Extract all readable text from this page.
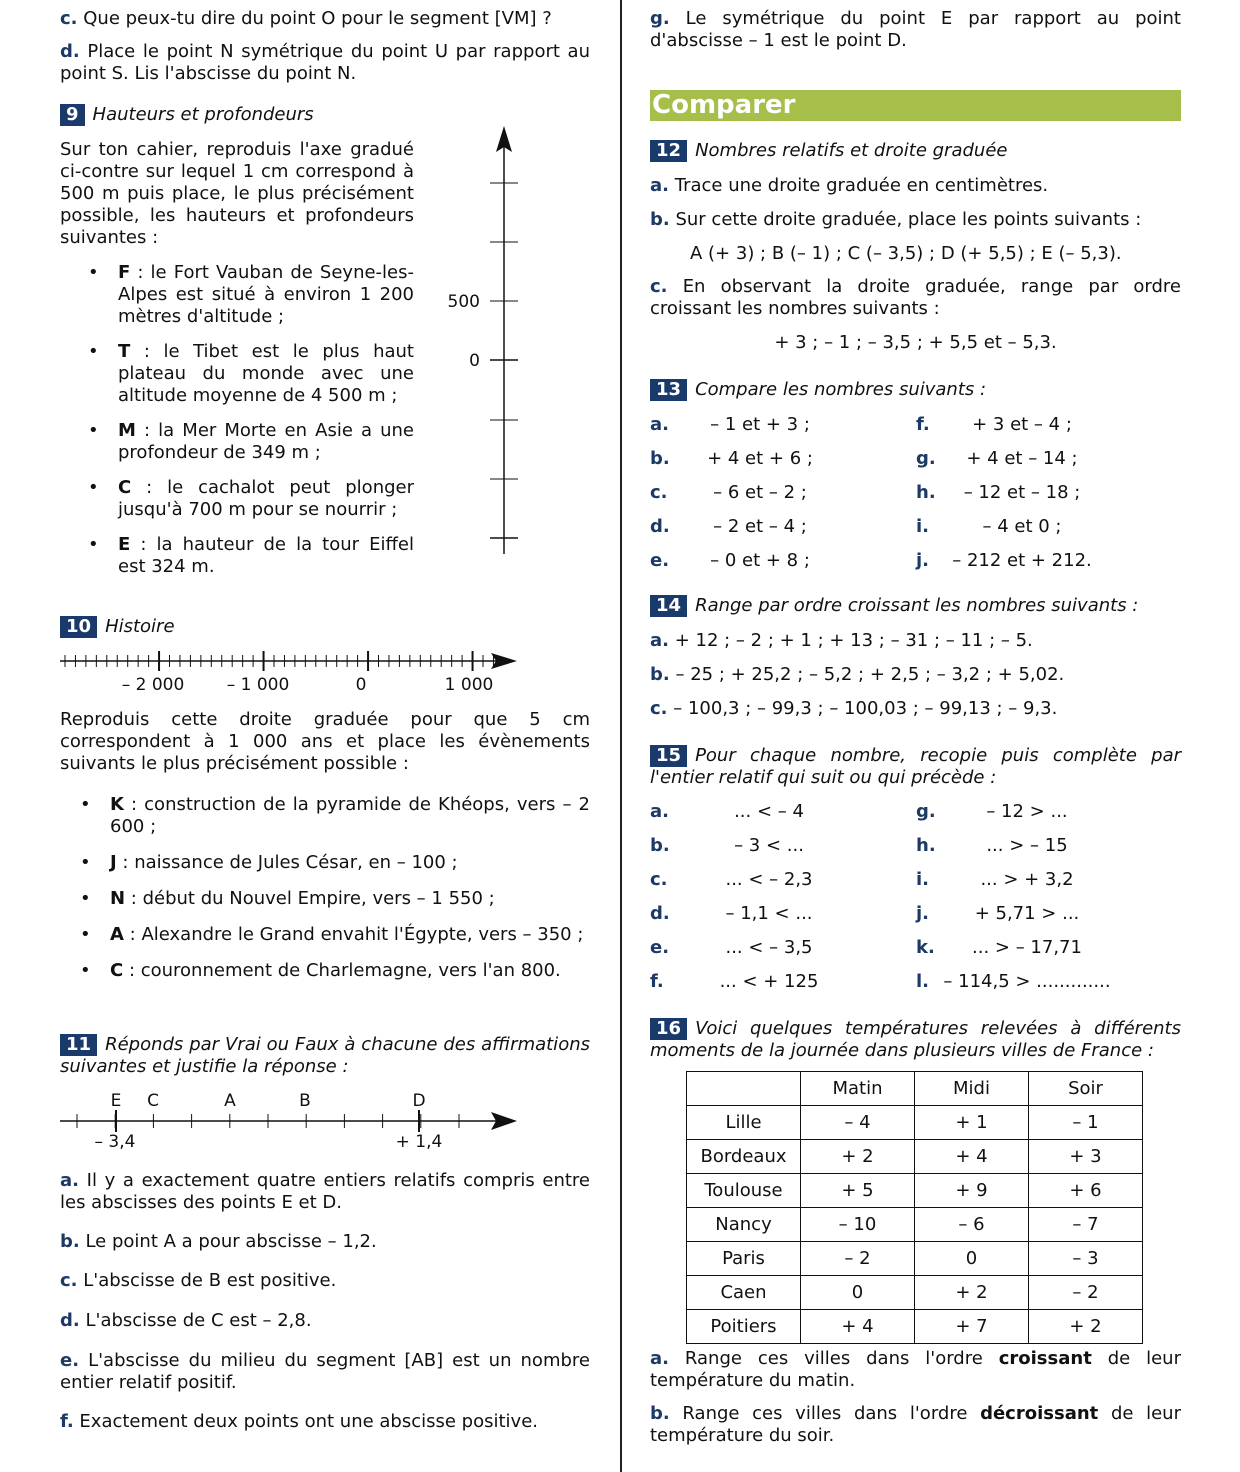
c. Que peux-tu dire du point O pour le segment [VM] ?
d. Place le point N symétrique du point U par rapport au point S. Lis l'abscisse du point N.
9 Hauteurs et profondeurs
Sur ton cahier, reproduis l'axe gradué ci-contre sur lequel 1 cm correspond à 500 m puis place, le plus précisément possible, les hauteurs et profondeurs suivantes :
• F : le Fort Vauban de Seyne-les-Alpes est situé à environ 1 200 mètres d'altitude ;
• T : le Tibet est le plus haut plateau du monde avec une altitude moyenne de 4 500 m ;
• M : la Mer Morte en Asie a une profondeur de 349 m ;
• C : le cachalot peut plonger jusqu'à 700 m pour se nourrir ;
• E : la hauteur de la tour Eiffel est 324 m.
500
0
10 Histoire
– 2 000 – 1 000	0	1 000
Reproduis cette droite graduée pour que 5 cm correspondent à 1 000 ans et place les évènements suivants le plus précisément possible :
• K : construction de la pyramide de Khéops, vers – 2 600 ;
• J : naissance de Jules César, en – 100 ;
• N : début du Nouvel Empire, vers – 1 550 ;
• A : Alexandre le Grand envahit l'Égypte, vers – 350 ;
• C : couronnement de Charlemagne, vers l'an 800.
11 Réponds par Vrai ou Faux à chacune des affirmations suivantes et justifie la réponse :
E C	A	B	D
– 3,4	+ 1,4
a. Il y a exactement quatre entiers relatifs compris entre les abscisses des points E et D.
b. Le point A a pour abscisse – 1,2.
c. L'abscisse de B est positive.
d. L'abscisse de C est – 2,8.
e. L'abscisse du milieu du segment [AB] est un nombre entier relatif positif.
f. Exactement deux points ont une abscisse positive.
g. Le symétrique du point E par rapport au point d'abscisse – 1 est le point D.
Comparer
12 Nombres relatifs et droite graduée
a. Trace une droite graduée en centimètres.
b. Sur cette droite graduée, place les points suivants :
A (+ 3) ; B (– 1) ; C (– 3,5) ; D (+ 5,5) ; E (– 5,3).
c. En observant la droite graduée, range par ordre croissant les nombres suivants :
+ 3 ; – 1 ; – 3,5 ; + 5,5 et – 5,3.
13 Compare les nombres suivants :
a.	– 1 et + 3 ;
b.	+ 4 et + 6 ;
c.	– 6 et – 2 ;
d.	– 2 et – 4 ;
e.	– 0 et + 8 ;
f.	+ 3 et – 4 ;
g.	+ 4 et – 14 ;
h.	– 12 et – 18 ;
i.	– 4 et 0 ;
j.	– 212 et + 212.
14 Range par ordre croissant les nombres suivants :
a. + 12 ; – 2 ; + 1 ; + 13 ; – 31 ; – 11 ; – 5.
b. – 25 ; + 25,2 ; – 5,2 ; + 2,5 ; – 3,2 ; + 5,02.
c. – 100,3 ; – 99,3 ; – 100,03 ; – 99,13 ; – 9,3.
15 Pour chaque nombre, recopie puis complète par l'entier relatif qui suit ou qui précède :
a.	... < – 4
b.	– 3 < ...
c.	... < – 2,3
d.	– 1,1 < ...
e.	... < – 3,5
f.	... < + 125
g.	– 12 > ...
h.	... > – 15
i.	... > + 3,2
j.	+ 5,71 > ...
k.	... > – 17,71
l. – 114,5 > .............
16 Voici quelques températures relevées à différents moments de la journée dans plusieurs villes de France :
	Matin	Midi	Soir
Lille	– 4	+ 1	– 1
Bordeaux	+ 2	+ 4	+ 3
Toulouse	+ 5	+ 9	+ 6
Nancy	– 10	– 6	– 7
Paris	– 2	0	– 3
Caen	0	+ 2	– 2
Poitiers	+ 4	+ 7	+ 2
a. Range ces villes dans l'ordre croissant de leur température du matin.
b. Range ces villes dans l'ordre décroissant de leur température du soir.
